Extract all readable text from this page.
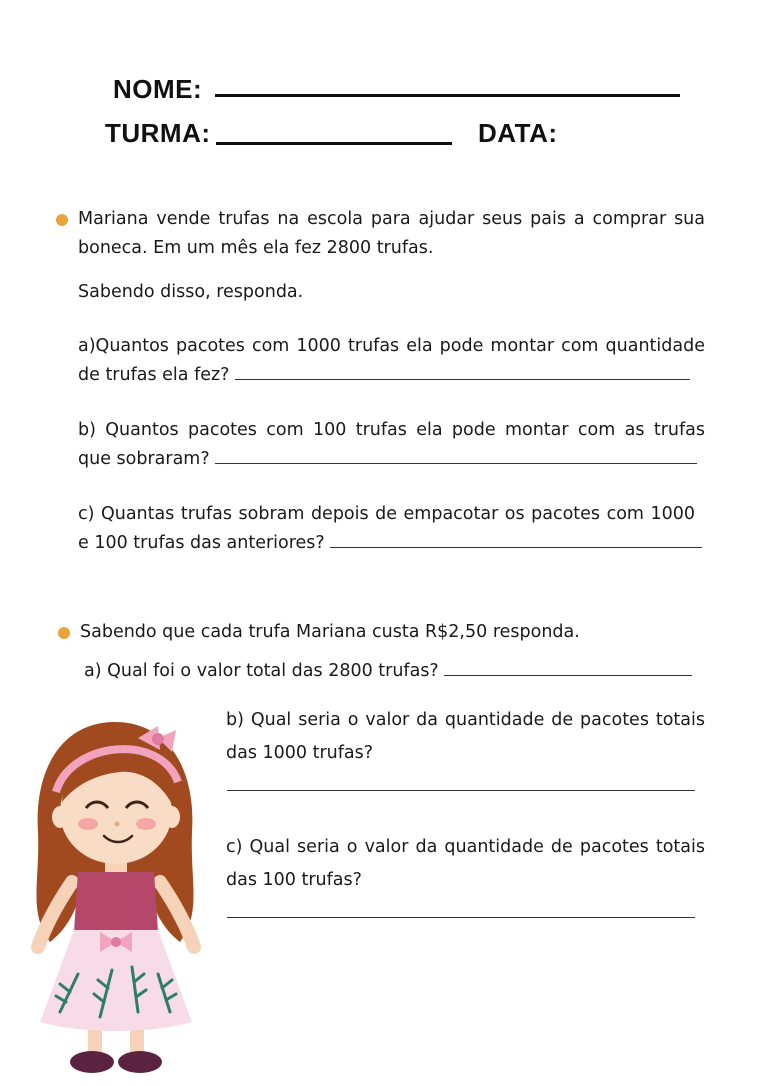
NOME:
TURMA:	DATA:
Mariana vende trufas na escola para ajudar seus pais a comprar sua
boneca. Em um mês ela fez 2800 trufas.
Sabendo disso, responda.
a)Quantos pacotes com 1000 trufas ela pode montar com quantidade
de trufas ela fez?
b) Quantos pacotes com 100 trufas ela pode montar com as trufas
que sobraram?
c) Quantas trufas sobram depois de empacotar os pacotes com 1000
e 100 trufas das anteriores?
Sabendo que cada trufa Mariana custa R$2,50 responda.
a) Qual foi o valor total das 2800 trufas?
b) Qual seria o valor da quantidade de pacotes totais
das 1000 trufas?
c) Qual seria o valor da quantidade de pacotes totais
das 100 trufas?
